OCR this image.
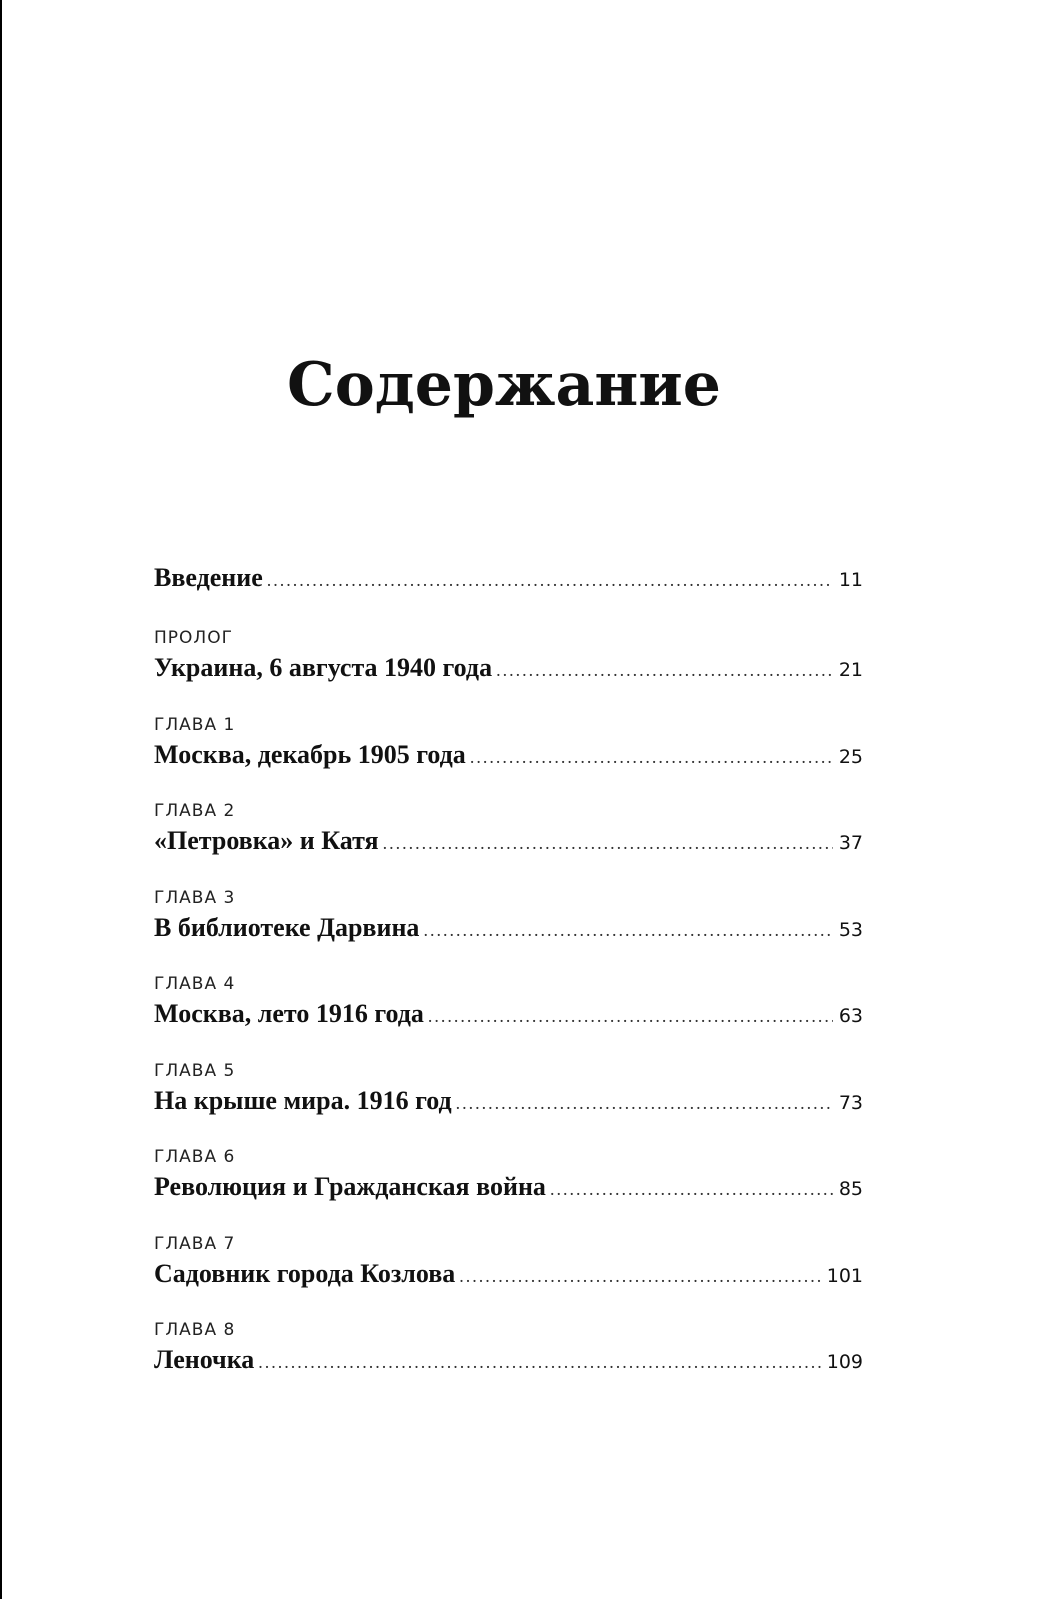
Содержание
Введение .....	11
ПРОЛОГ
Украина, 6 августа 1940 года .....	21
ГЛАВА 1
Москва, декабрь 1905 года .....	25
ГЛАВА 2
«Петровка» и Катя .....	37
ГЛАВА 3
В библиотеке Дарвина .....	53
ГЛАВА 4
Москва, лето 1916 года .....	63
ГЛАВА 5
На крыше мира. 1916 год .....	73
ГЛАВА 6
Революция и Гражданская война .....	85
ГЛАВА 7
Садовник города Козлова .....	101
ГЛАВА 8
Леночка .....	109
